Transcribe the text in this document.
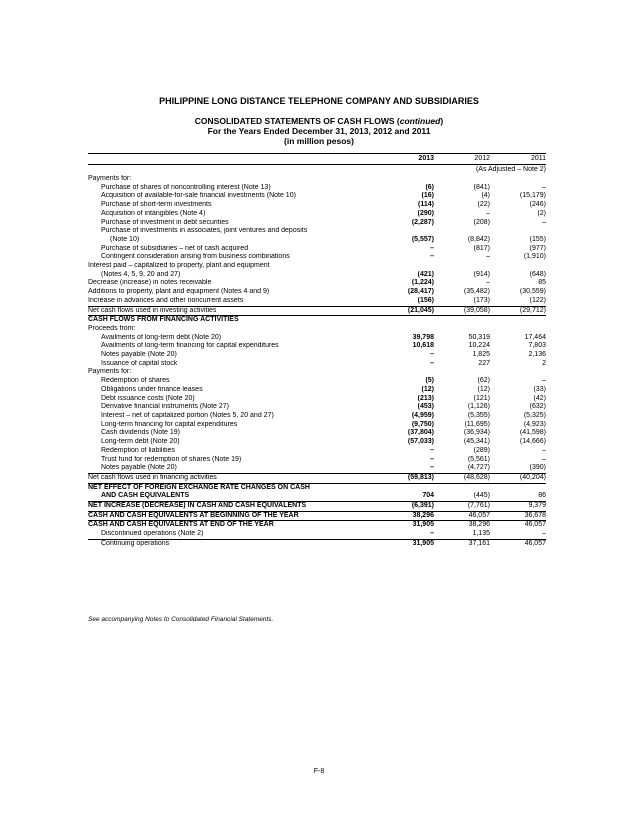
PHILIPPINE LONG DISTANCE TELEPHONE COMPANY AND SUBSIDIARIES
CONSOLIDATED STATEMENTS OF CASH FLOWS (continued)
For the Years Ended December 31, 2013, 2012 and 2011
(in million pesos)
	2013	2012	2011
		(As Adjusted – Note 2)	
Payments for:			
Purchase of shares of noncontrolling interest (Note 13)	(6)	(841)	–
Acquisition of available-for-sale financial investments (Note 10)	(16)	(4)	(15,179)
Purchase of short-term investments	(114)	(22)	(246)
Acquisition of intangibles (Note 4)	(290)	–	(2)
Purchase of investment in debt securities	(2,287)	(208)	–
Purchase of investments in associates, joint ventures and deposits			
(Note 10)	(5,557)	(8,842)	(155)
Purchase of subsidiaries – net of cash acquired	–	(817)	(977)
Contingent consideration arising from business combinations	–	–	(1,910)
Interest paid – capitalized to property, plant and equipment			
(Notes 4, 5, 9, 20 and 27)	(421)	(914)	(648)
Decrease (increase) in notes receivable	(1,224)	–	85
Additions to property, plant and equipment (Notes 4 and 9)	(28,417)	(35,482)	(30,559)
Increase in advances and other noncurrent assets	(156)	(173)	(122)
Net cash flows used in investing activities	(21,045)	(39,058)	(29,712)
CASH FLOWS FROM FINANCING ACTIVITIES			
Proceeds from:			
Availments of long-term debt (Note 20)	39,798	50,319	17,464
Availments of long-term financing for capital expenditures	10,618	10,224	7,803
Notes payable (Note 20)	–	1,825	2,136
Issuance of capital stock	–	227	2
Payments for:			
Redemption of shares	(5)	(62)	–
Obligations under finance leases	(12)	(12)	(33)
Debt issuance costs (Note 20)	(213)	(121)	(42)
Derivative financial instruments (Note 27)	(453)	(1,126)	(632)
Interest – net of capitalized portion (Notes 5, 20 and 27)	(4,959)	(5,355)	(5,325)
Long-term financing for capital expenditures	(9,750)	(11,695)	(4,923)
Cash dividends (Note 19)	(37,804)	(36,934)	(41,598)
Long-term debt (Note 20)	(57,033)	(45,341)	(14,666)
Redemption of liabilities	–	(289)	–
Trust fund for redemption of shares (Note 19)	–	(5,561)	–
Notes payable (Note 20)	–	(4,727)	(390)
Net cash flows used in financing activities	(59,813)	(48,628)	(40,204)
NET EFFECT OF FOREIGN EXCHANGE RATE CHANGES ON CASH			
AND CASH EQUIVALENTS	704	(445)	86
NET INCREASE (DECREASE) IN CASH AND CASH EQUIVALENTS	(6,391)	(7,761)	9,379
CASH AND CASH EQUIVALENTS AT BEGINNING OF THE YEAR	38,296	46,057	36,678
CASH AND CASH EQUIVALENTS AT END OF THE YEAR	31,905	38,296	46,057
Discontinued operations (Note 2)	–	1,135	–
Continuing operations	31,905	37,161	46,057
See accompanying Notes to Consolidated Financial Statements.
F-8
